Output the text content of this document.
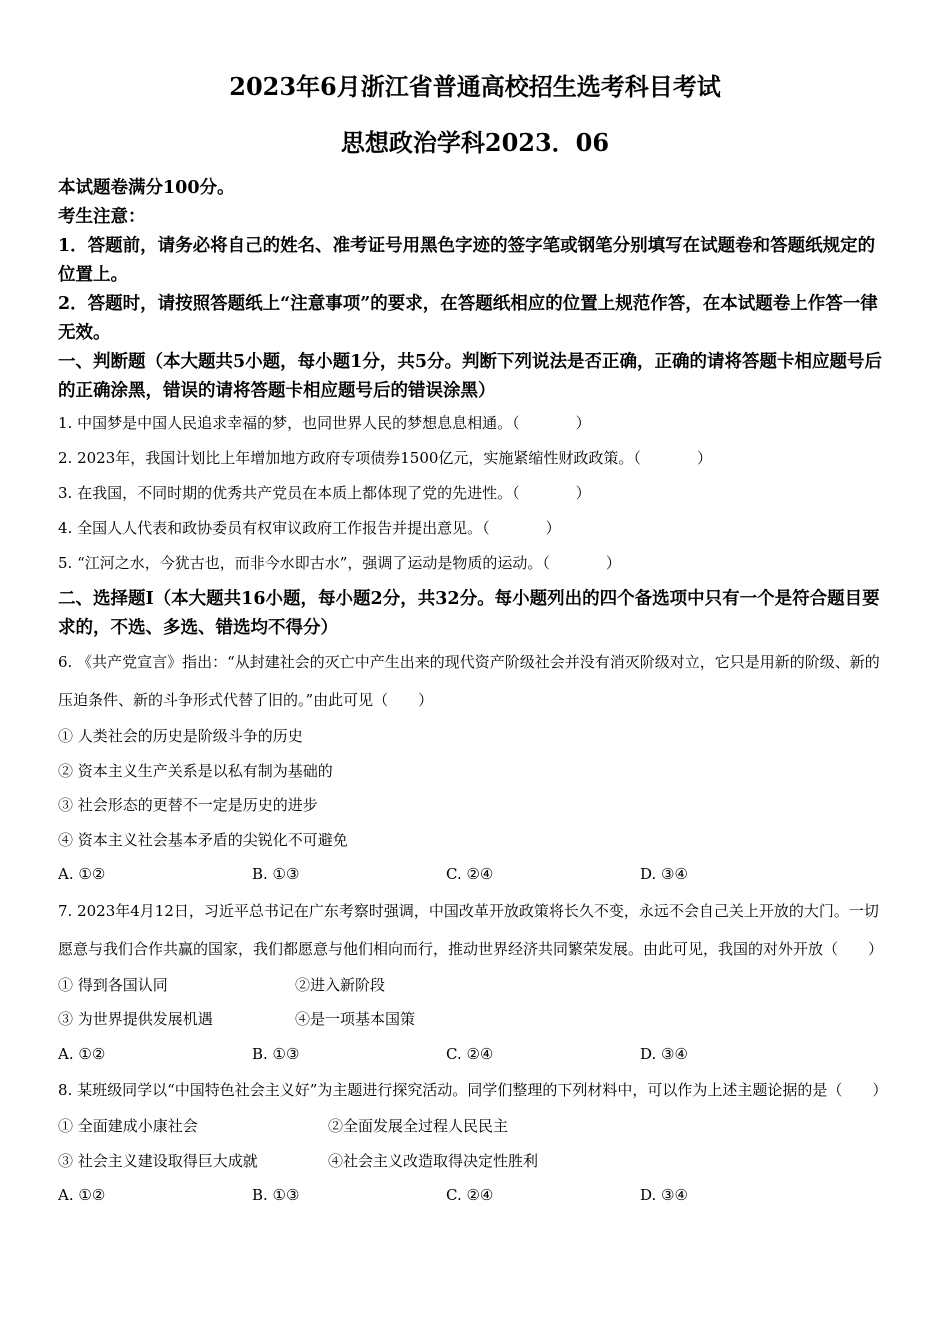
2023年6月浙江省普通高校招生选考科目考试
思想政治学科2023．06

本试题卷满分100分。

考生注意：

1．答题前，请务必将自己的姓名、准考证号用黑色字迹的签字笔或钢笔分别填写在试题卷和答题纸规定的位置上。

2．答题时，请按照答题纸上“注意事项”的要求，在答题纸相应的位置上规范作答，在本试题卷上作答一律无效。

一、判断题（本大题共5小题，每小题1分，共5分。判断下列说法是否正确，正确的请将答题卡相应题号后的正确涂黑，错误的请将答题卡相应题号后的错误涂黑）

1. 中国梦是中国人民追求幸福的梦，也同世界人民的梦想息息相通。（	）

2. 2023年，我国计划比上年增加地方政府专项债券1500亿元，实施紧缩性财政政策。（	）

3. 在我国，不同时期的优秀共产党员在本质上都体现了党的先进性。（	）

4. 全国人人代表和政协委员有权审议政府工作报告并提出意见。（	）

5. “江河之水，今犹古也，而非今水即古水”，强调了运动是物质的运动。（	）

二、选择题Ⅰ（本大题共16小题，每小题2分，共32分。每小题列出的四个备选项中只有一个是符合题目要求的，不选、多选、错选均不得分）

6. 《共产党宣言》指出：“从封建社会的灭亡中产生出来的现代资产阶级社会并没有消灭阶级对立，它只是用新的阶级、新的压迫条件、新的斗争形式代替了旧的。”由此可见（　　）

① 人类社会的历史是阶级斗争的历史

② 资本主义生产关系是以私有制为基础的

③ 社会形态的更替不一定是历史的进步

④ 资本主义社会基本矛盾的尖锐化不可避免

A. ①②	B. ①③	C. ②④	D. ③④

7. 2023年4月12日，习近平总书记在广东考察时强调，中国改革开放政策将长久不变，永远不会自己关上开放的大门。一切愿意与我们合作共赢的国家，我们都愿意与他们相向而行，推动世界经济共同繁荣发展。由此可见，我国的对外开放（　　）

① 得到各国认同	②进入新阶段

③ 为世界提供发展机遇	④是一项基本国策

A. ①②	B. ①③	C. ②④	D. ③④

8. 某班级同学以“中国特色社会主义好”为主题进行探究活动。同学们整理的下列材料中，可以作为上述主题论据的是（　　）

① 全面建成小康社会	②全面发展全过程人民民主

③ 社会主义建设取得巨大成就	④社会主义改造取得决定性胜利

A. ①②	B. ①③	C. ②④	D. ③④
